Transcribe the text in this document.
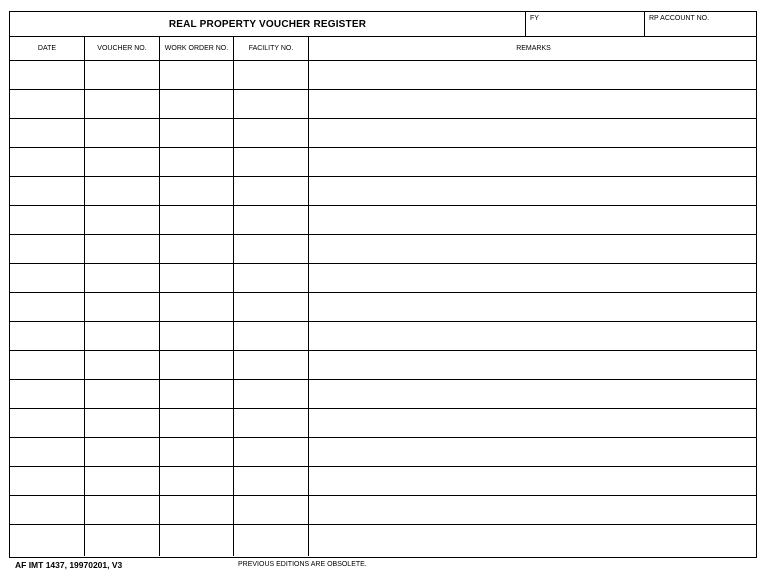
REAL PROPERTY VOUCHER REGISTER	FY	RP ACCOUNT NO.
DATE	VOUCHER NO.	WORK ORDER NO.	FACILITY NO.	REMARKS
AF IMT 1437, 19970201, V3	PREVIOUS EDITIONS ARE OBSOLETE.
